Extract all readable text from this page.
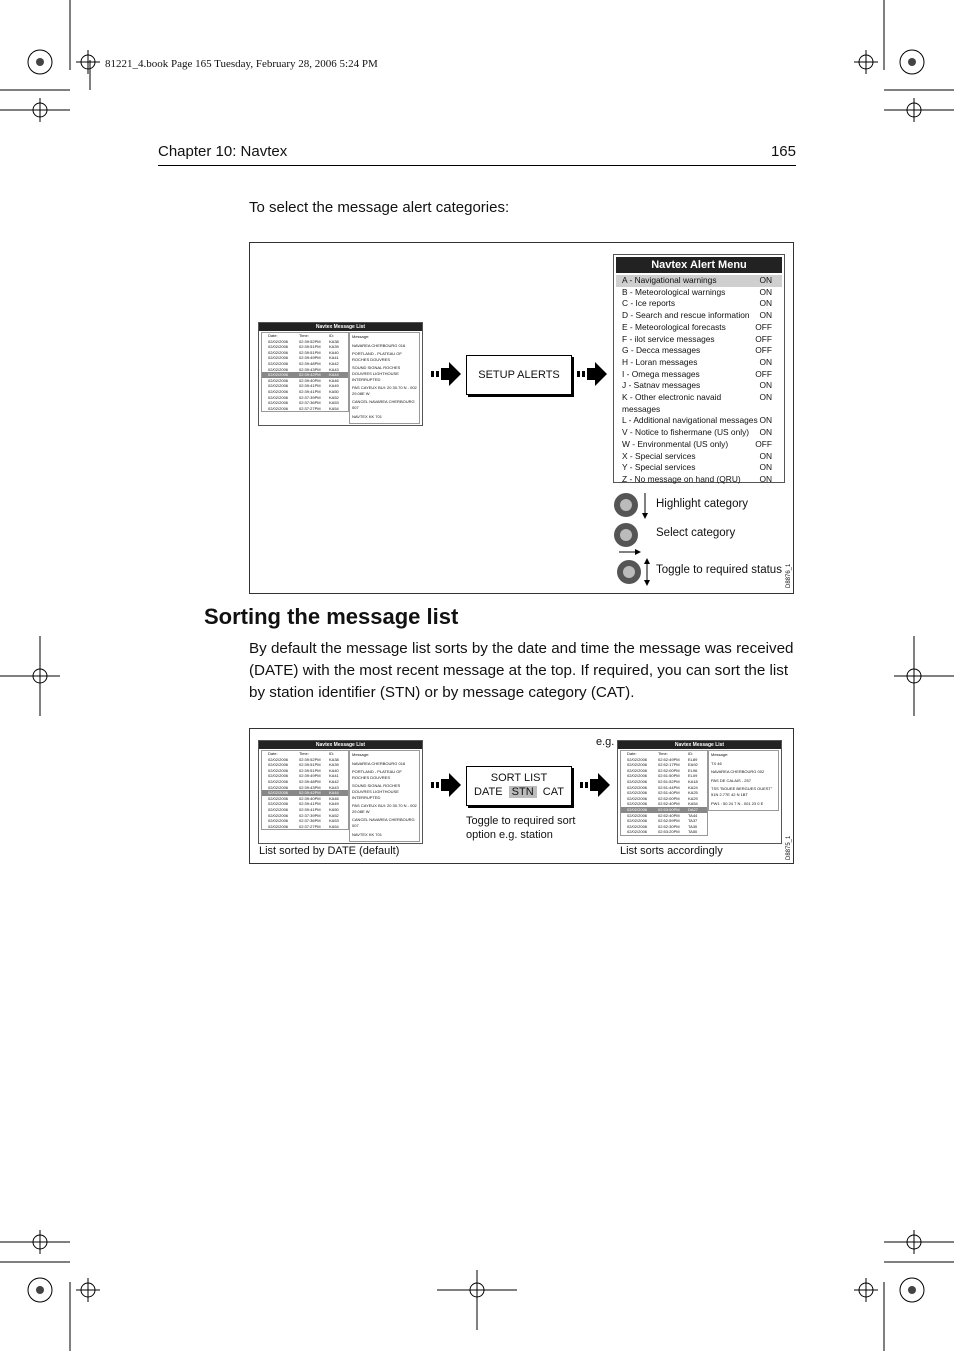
81221_4.book Page 165 Tuesday, February 28, 2006 5:24 PM
Chapter 10: Navtex	165
To select the message alert categories:
Navtex Message List
Date:	Time:	ID:
02/02/2006	02:39:52PM	KA38
02/02/2006	02:39:51PM	KA39
02/02/2006	02:39:51PM	KA40
02/02/2006	02:39:49PM	KA41
02/02/2006	02:39:48PM	KA42
02/02/2006	02:39:43PM	KA43
02/02/2006	02:39:42PM	KA44
02/02/2006	02:39:40PM	KA46
02/02/2006	02:39:41PM	KA49
02/02/2006	02:39:41PM	KA50
02/02/2006	02:37:39PM	KA52
02/02/2006	02:37:36PM	KA53
02/02/2006	02:37:27PM	KA54
Message:
NAVAREA CHERBOURG 016
PORTLAND - PLATEAU OF ROCHES DOUVRES
SOUND SIGNAL ROCHES DOUVRES LIGHTHOUSE INTERRUPTED
PAS CAYEUX BUI: 20 30.70 N - 002 29.08E W
CANCEL NAVAREA CHERBOURG 007
NAVTEX KK 701
SETUP ALERTS
Navtex Alert Menu
A - Navigational warnings	ON
B - Meteorological warnings	ON
C - Ice reports	ON
D - Search and rescue information ON
E - Meteorological forecasts	OFF
F - ilot service messages	OFF
G - Decca messages	OFF
H - Loran messages	ON
I - Omega messages	OFF
J - Satnav messages	ON
K - Other electronic navaid messages
ON
L - Additional navigational messages ON
V - Notice to fishermane (US only) ON
W - Environmental (US only)	OFF
X - Special services	ON
Y - Special services	ON
Z - No message on hand (QRU) ON
Highlight category
Select category
Toggle to required status D8876_1
Sorting the message list
By default the message list sorts by the date and time the message was received (DATE) with the most recent message at the top. If required, you can sort the list by station identifier (STN) or by message category (CAT).
Navtex Message List
Date:	Time:	ID:
02/02/2006	02:39:52PM	KA38
02/02/2006	02:39:51PM	KA39
02/02/2006	02:39:51PM	KA40
02/02/2006	02:39:49PM	KA41
02/02/2006	02:39:48PM	KA42
02/02/2006	02:39:43PM	KA43
02/02/2006	02:39:42PM	KA44
02/02/2006	02:39:40PM	KA46
02/02/2006	02:39:41PM	KA49
02/02/2006	02:39:41PM	KA50
02/02/2006	02:37:39PM	KA52
02/02/2006	02:37:36PM	KA53
02/02/2006	02:37:27PM	KA54
Message:
NAVAREA CHERBOURG 016
PORTLAND - PLATEAU OF ROCHES DOUVRES
SOUND SIGNAL ROCHES DOUVRES LIGHTHOUSE INTERRUPTED
PAS CAYEUX BUI: 20 30.70 N - 002 29.08E W
CANCEL NAVAREA CHERBOURG 007
NAVTEX KK 701
List sorted by DATE (default)
SORT LIST
DATE STN CAT
Toggle to required sort option e.g. station
e.g.	Navtex Message List
Date:	Time:	ID:
02/02/2006	02:52:49PM	EL89
02/02/2006	02:52:17PM	EA92
02/02/2006	02:52:00PM	EL96
02/02/2006	02:51:50PM	EL09
02/02/2006	02:51:52PM	KA18
02/02/2006	02:51:44PM	KA24
02/02/2006	02:51:40PM	KA25
02/02/2006	02:52:00PM	KA29
02/02/2006	02:52:40PM	KA54
02/02/2006	02:53:00PM	DA27
02/02/2006	02:52:40PM	TA44
02/02/2006	02:52:59PM	TA37
02/02/2006	02:52:30PM	TA30
02/02/2006	02:53:20PM	TA50
Message:
TX 46
NAVAREA CHERBOURG 002
PAS DE CALAIS - 257
TSS "BOUEE BERGUES OUEST" 51N 2.77E 42 N 1BT
PW1 : 50 24 7 N - 001 23 0 E
List sorts accordingly	D8875_1
